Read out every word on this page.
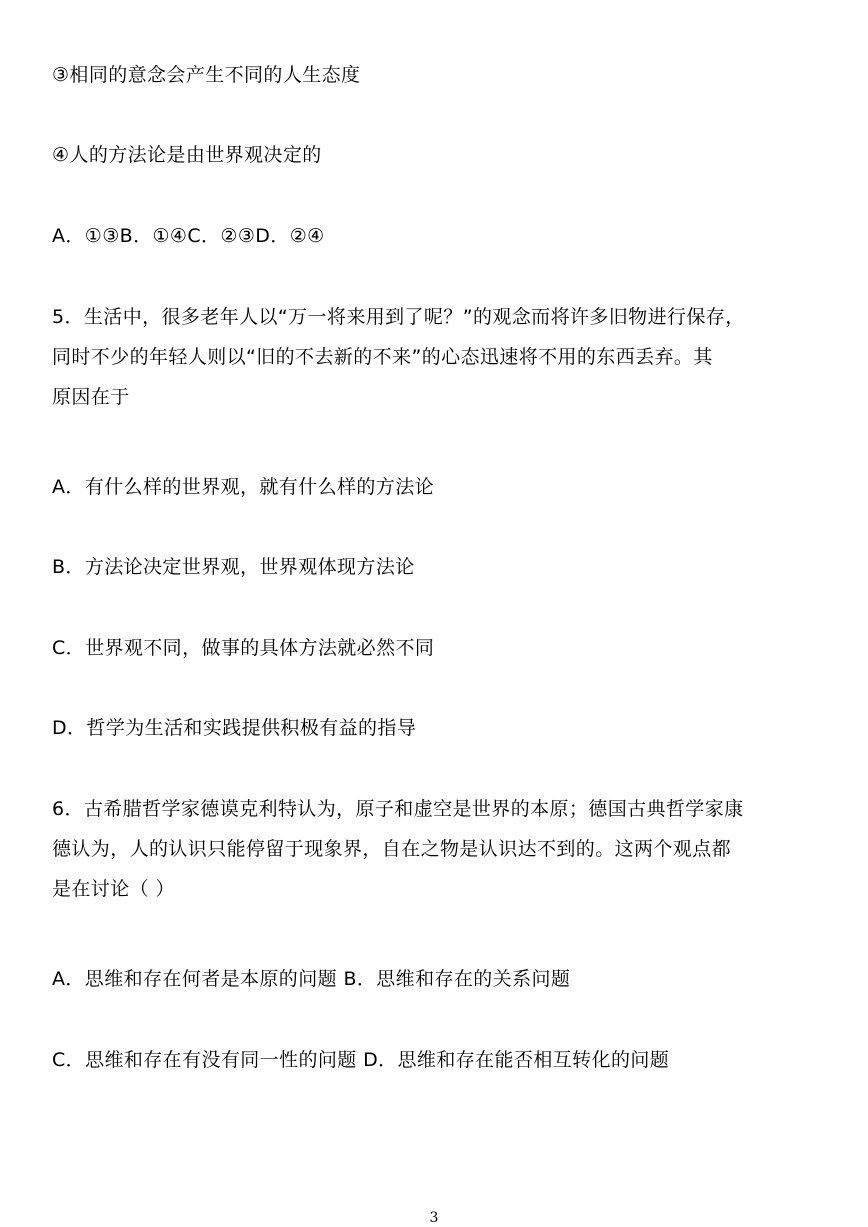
③相同的意念会产生不同的人生态度
④人的方法论是由世界观决定的
A．①③B．①④C．②③D．②④
5．生活中，很多老年人以“万一将来用到了呢？”的观念而将许多旧物进行保存，
同时不少的年轻人则以“旧的不去新的不来”的心态迅速将不用的东西丢弃。其
原因在于
A．有什么样的世界观，就有什么样的方法论
B．方法论决定世界观，世界观体现方法论
C．世界观不同，做事的具体方法就必然不同
D．哲学为生活和实践提供积极有益的指导
6．古希腊哲学家德谟克利特认为，原子和虚空是世界的本原；德国古典哲学家康
德认为，人的认识只能停留于现象界，自在之物是认识达不到的。这两个观点都
是在讨论（ ）
A．思维和存在何者是本原的问题 B．思维和存在的关系问题
C．思维和存在有没有同一性的问题 D．思维和存在能否相互转化的问题
3
